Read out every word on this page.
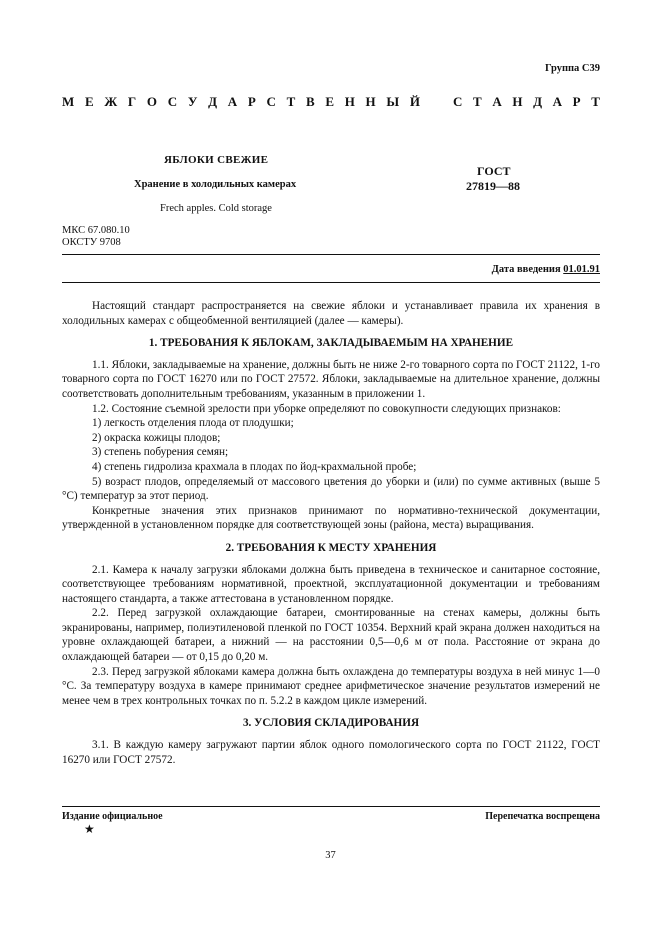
Группа С39
М Е Ж Г О С У Д А Р С Т В Е Н Н Ы Й	С Т А Н Д А Р Т
ЯБЛОКИ СВЕЖИЕ
Хранение в холодильных камерах
Frech apples. Cold storage
ГОСТ
27819—88
МКС 67.080.10
ОКСТУ 9708
Дата введения 01.01.91

Настоящий стандарт распространяется на свежие яблоки и устанавливает правила их хранения в холодильных камерах с общеобменной вентиляцией (далее — камеры).

1. ТРЕБОВАНИЯ К ЯБЛОКАМ, ЗАКЛАДЫВАЕМЫМ НА ХРАНЕНИЕ

1.1. Яблоки, закладываемые на хранение, должны быть не ниже 2-го товарного сорта по ГОСТ 21122, 1-го товарного сорта по ГОСТ 16270 или по ГОСТ 27572. Яблоки, закладываемые на длительное хранение, должны соответствовать дополнительным требованиям, указанным в приложении 1.

1.2. Состояние съемной зрелости при уборке определяют по совокупности следующих признаков:

1) легкость отделения плода от плодушки;

2) окраска кожицы плодов;

3) степень побурения семян;

4) степень гидролиза крахмала в плодах по йод-крахмальной пробе;

5) возраст плодов, определяемый от массового цветения до уборки и (или) по сумме активных (выше 5 °С) температур за этот период.

Конкретные значения этих признаков принимают по нормативно-технической документации, утвержденной в установленном порядке для соответствующей зоны (района, места) выращивания.

2. ТРЕБОВАНИЯ К МЕСТУ ХРАНЕНИЯ

2.1. Камера к началу загрузки яблоками должна быть приведена в техническое и санитарное состояние, соответствующее требованиям нормативной, проектной, эксплуатационной документации и требованиям настоящего стандарта, а также аттестована в установленном порядке.

2.2. Перед загрузкой охлаждающие батареи, смонтированные на стенах камеры, должны быть экранированы, например, полиэтиленовой пленкой по ГОСТ 10354. Верхний край экрана должен находиться на уровне охлаждающей батареи, а нижний — на расстоянии 0,5—0,6 м от пола. Расстояние от экрана до охлаждающей батареи — от 0,15 до 0,20 м.

2.3. Перед загрузкой яблоками камера должна быть охлаждена до температуры воздуха в ней минус 1—0 °С. За температуру воздуха в камере принимают среднее арифметическое значение результатов измерений не менее чем в трех контрольных точках по п. 5.2.2 в каждом цикле измерений.

3. УСЛОВИЯ СКЛАДИРОВАНИЯ

3.1. В каждую камеру загружают партии яблок одного помологического сорта по ГОСТ 21122, ГОСТ 16270 или ГОСТ 27572.

Издание официальное
★
Перепечатка воспрещена
37
